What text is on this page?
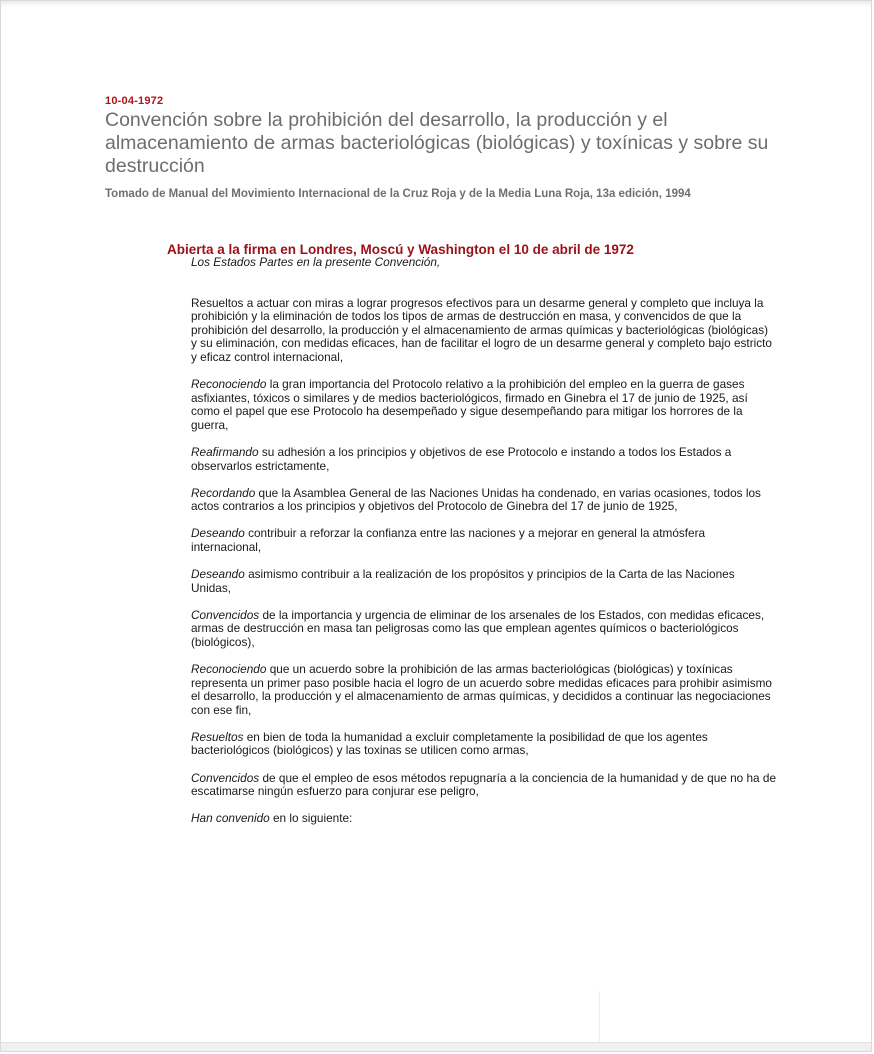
10-04-1972
Convención sobre la prohibición del desarrollo, la producción y el almacenamiento de armas bacteriológicas (biológicas) y toxínicas y sobre su destrucción
Tomado de Manual del Movimiento Internacional de la Cruz Roja y de la Media Luna Roja, 13a edición, 1994
Abierta a la firma en Londres, Moscú y Washington el 10 de abril de 1972

Los Estados Partes en la presente Convención,

Resueltos a actuar con miras a lograr progresos efectivos para un desarme general y completo que incluya la prohibición y la eliminación de todos los tipos de armas de destrucción en masa, y convencidos de que la prohibición del desarrollo, la producción y el almacenamiento de armas químicas y bacteriológicas (biológicas) y su eliminación, con medidas eficaces, han de facilitar el logro de un desarme general y completo bajo estricto y eficaz control internacional,

Reconociendo la gran importancia del Protocolo relativo a la prohibición del empleo en la guerra de gases asfixiantes, tóxicos o similares y de medios bacteriológicos, firmado en Ginebra el 17 de junio de 1925, así como el papel que ese Protocolo ha desempeñado y sigue desempeñando para mitigar los horrores de la guerra,

Reafirmando su adhesión a los principios y objetivos de ese Protocolo e instando a todos los Estados a observarlos estrictamente,

Recordando que la Asamblea General de las Naciones Unidas ha condenado, en varias ocasiones, todos los actos contrarios a los principios y objetivos del Protocolo de Ginebra del 17 de junio de 1925,

Deseando contribuir a reforzar la confianza entre las naciones y a mejorar en general la atmósfera internacional,

Deseando asimismo contribuir a la realización de los propósitos y principios de la Carta de las Naciones Unidas,

Convencidos de la importancia y urgencia de eliminar de los arsenales de los Estados, con medidas eficaces, armas de destrucción en masa tan peligrosas como las que emplean agentes químicos o bacteriológicos (biológicos),

Reconociendo que un acuerdo sobre la prohibición de las armas bacteriológicas (biológicas) y toxínicas representa un primer paso posible hacia el logro de un acuerdo sobre medidas eficaces para prohibir asimismo el desarrollo, la producción y el almacenamiento de armas químicas, y decididos a continuar las negociaciones con ese fin,

Resueltos en bien de toda la humanidad a excluir completamente la posibilidad de que los agentes bacteriológicos (biológicos) y las toxinas se utilicen como armas,

Convencidos de que el empleo de esos métodos repugnaría a la conciencia de la humanidad y de que no ha de escatimarse ningún esfuerzo para conjurar ese peligro,

Han convenido en lo siguiente:
